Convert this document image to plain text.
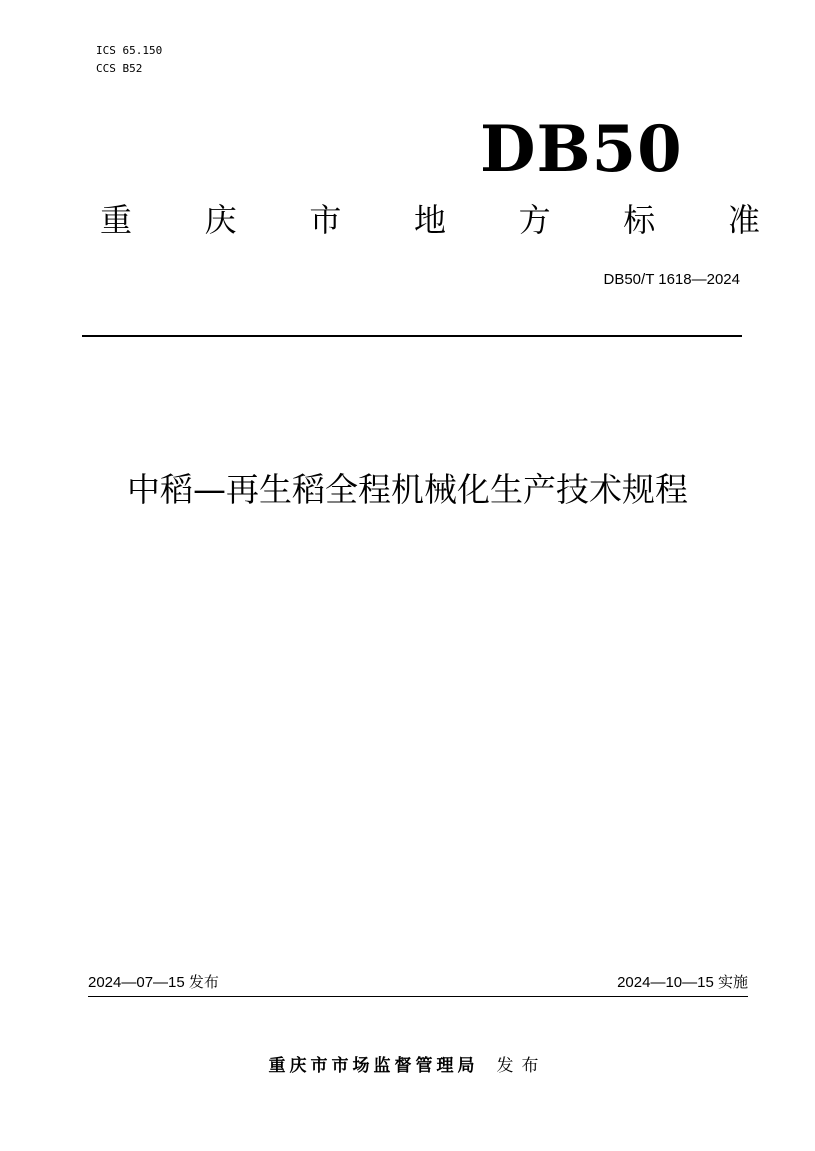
ICS 65.150
CCS B52
DB50
重 庆 市 地 方 标 准
DB50/T 1618—2024
中稻—再生稻全程机械化生产技术规程
2024—07—15 发布	2024—10—15 实施
重庆市市场监督管理局 发布
